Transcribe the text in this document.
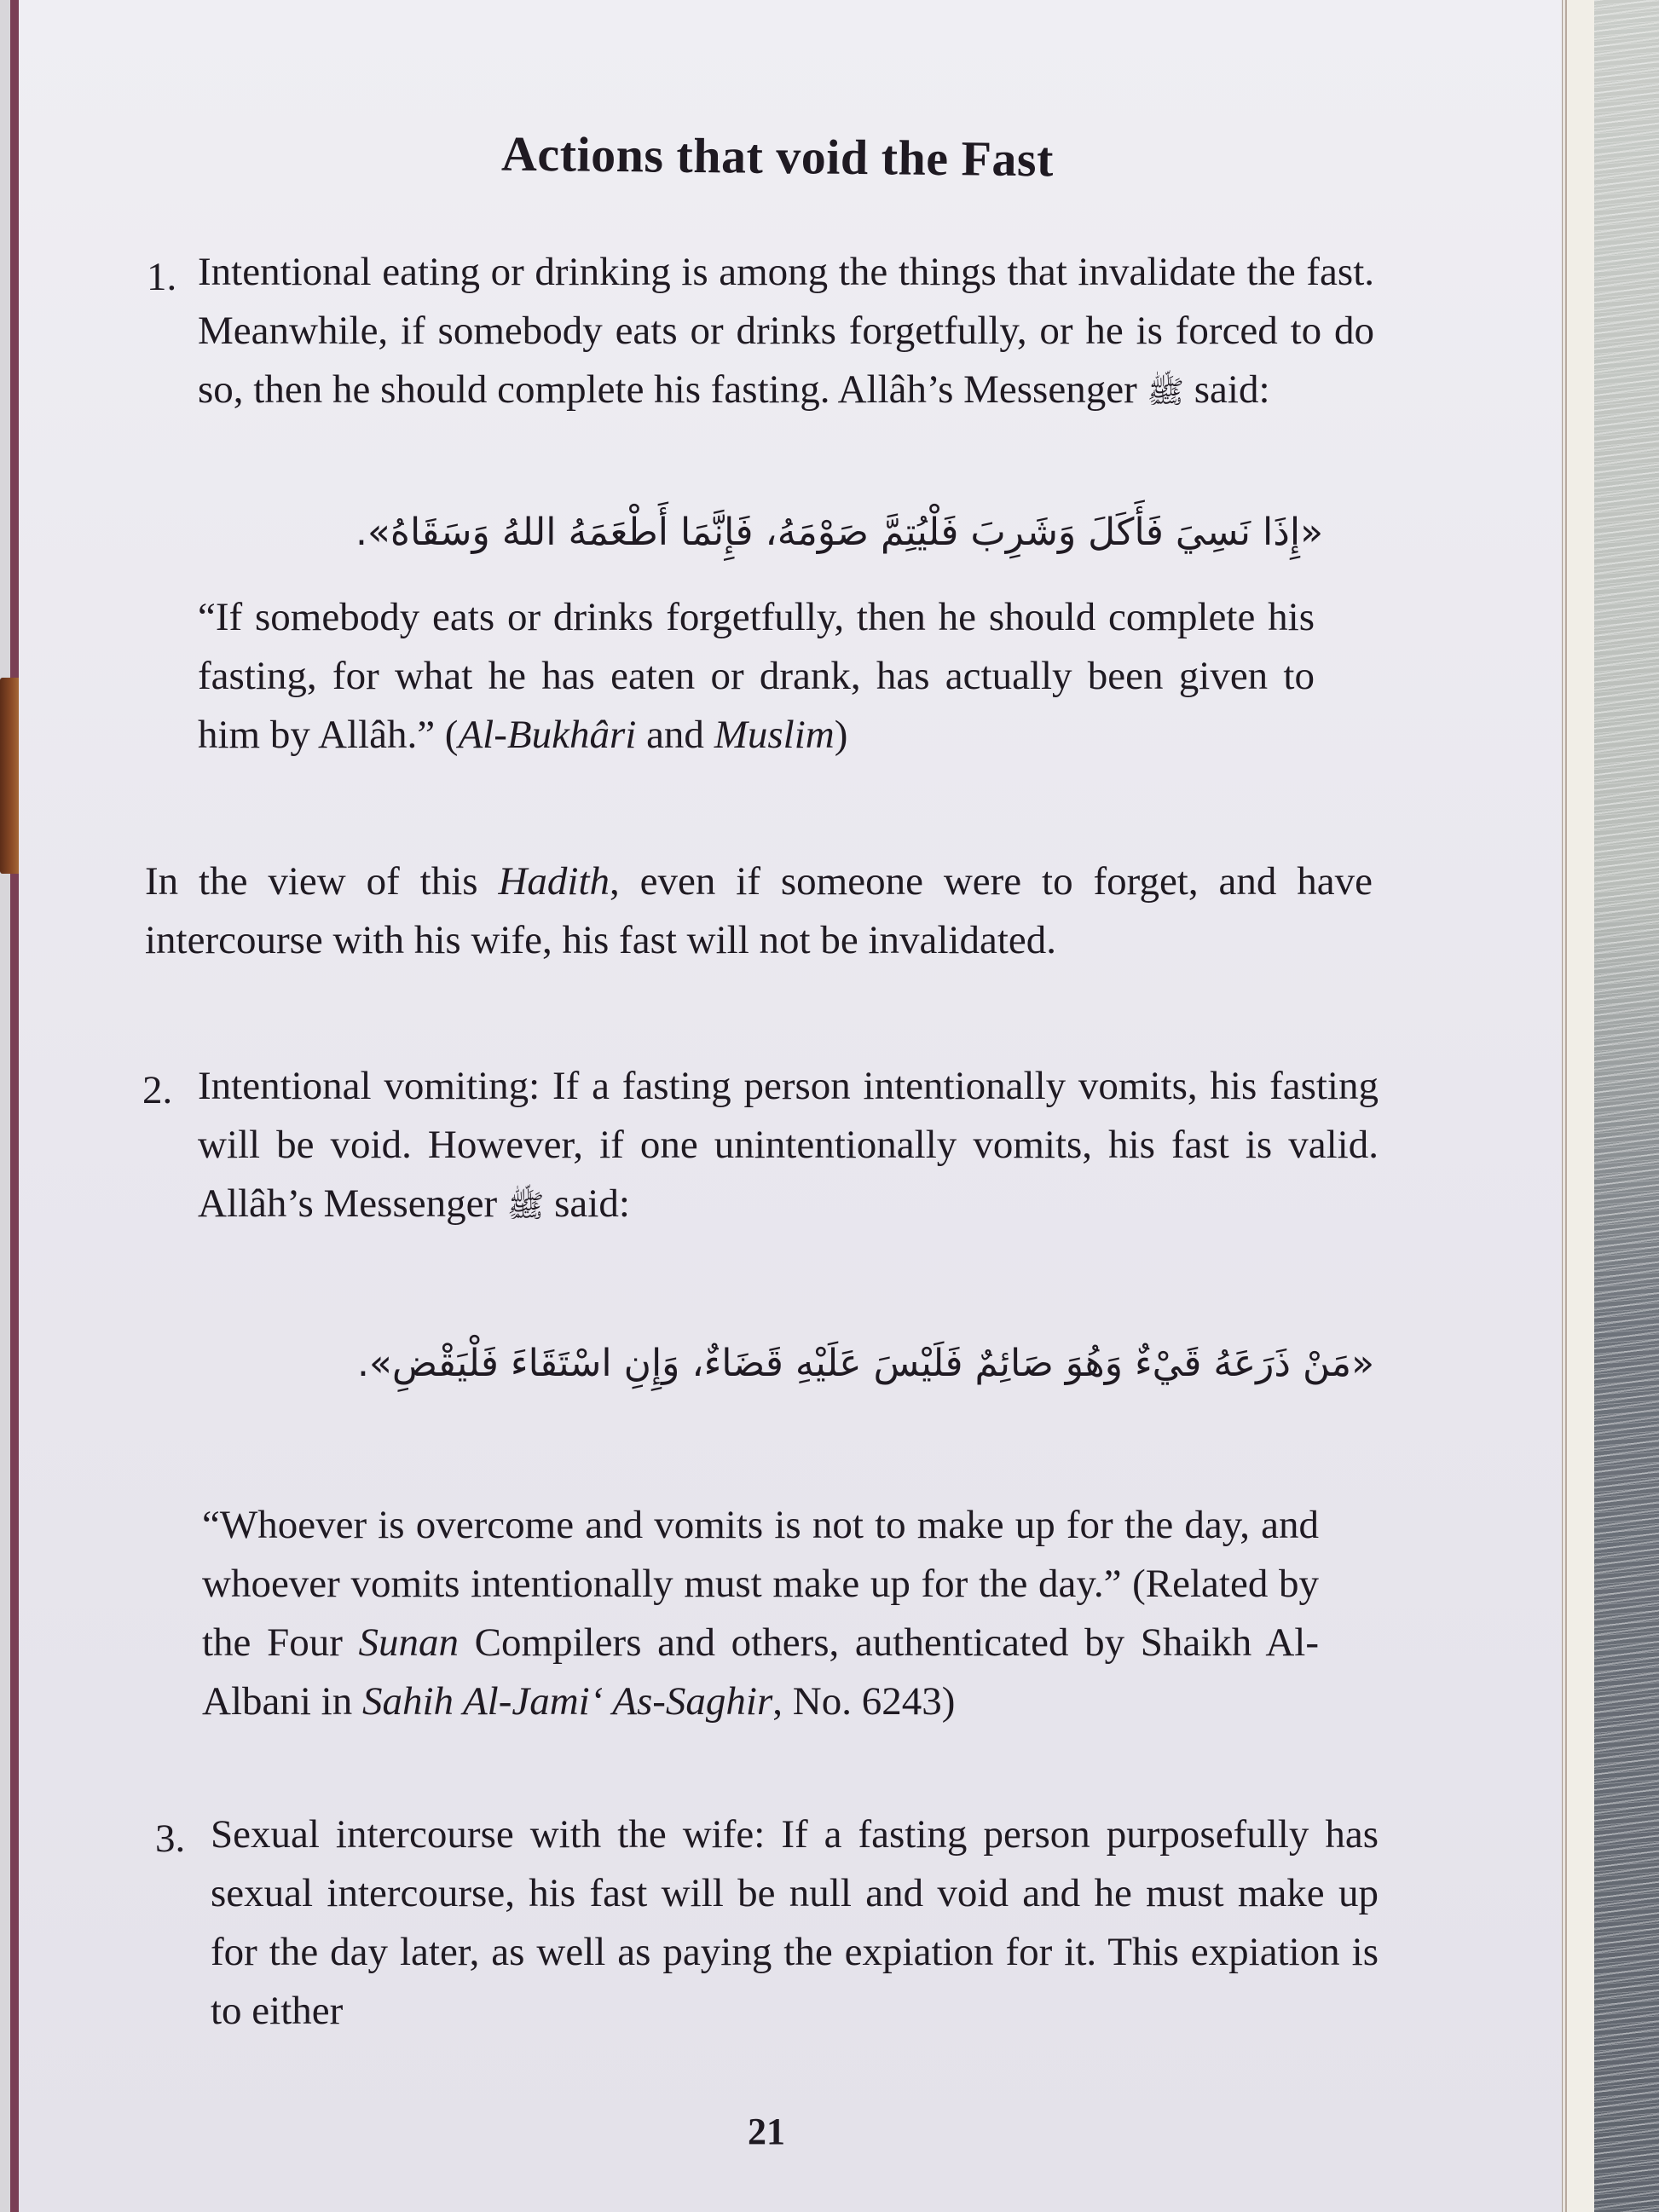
Actions that void the Fast
1. Intentional eating or drinking is among the things that invalidate the fast. Meanwhile, if somebody eats or drinks forgetfully, or he is forced to do so, then he should complete his fasting. Allâh’s Messenger ﷺ said:

«إِذَا نَسِيَ فَأَكَلَ وَشَرِبَ فَلْيُتِمَّ صَوْمَهُ، فَإِنَّمَا أَطْعَمَهُ اللهُ وَسَقَاهُ».

“If somebody eats or drinks forgetfully, then he should complete his fasting, for what he has eaten or drank, has actually been given to him by Allâh.” (Al-Bukhâri and Muslim)

In the view of this Hadith, even if someone were to forget, and have intercourse with his wife, his fast will not be invalidated.

2. Intentional vomiting: If a fasting person intentionally vomits, his fasting will be void. However, if one unintentionally vomits, his fast is valid. Allâh’s Messenger ﷺ said:

«مَنْ ذَرَعَهُ قَيْءٌ وَهُوَ صَائِمٌ فَلَيْسَ عَلَيْهِ قَضَاءٌ، وَإِنِ اسْتَقَاءَ فَلْيَقْضِ».

“Whoever is overcome and vomits is not to make up for the day, and whoever vomits intentionally must make up for the day.” (Related by the Four Sunan Compilers and others, authenticated by Shaikh Al-Albani in Sahih Al-Jami‘ As-Saghir, No. 6243)

3. Sexual intercourse with the wife: If a fasting person purposefully has sexual intercourse, his fast will be null and void and he must make up for the day later, as well as paying the expiation for it. This expiation is to either

21
